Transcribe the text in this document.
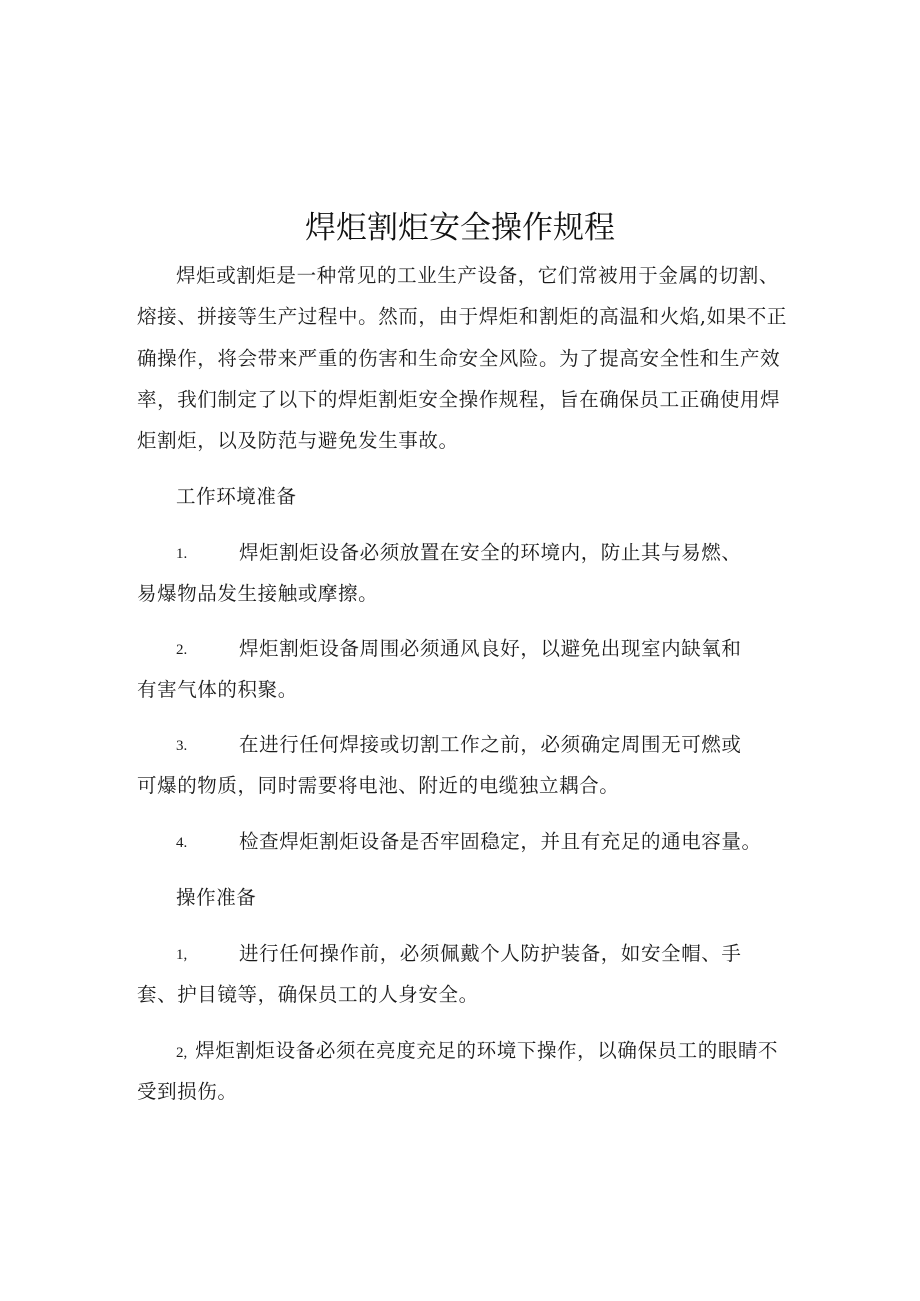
焊炬割炬安全操作规程
焊炬或割炬是一种常见的工业生产设备，它们常被用于金属的切割、
熔接、拼接等生产过程中。然而，由于焊炬和割炬的高温和火焰,如果不正
确操作，将会带来严重的伤害和生命安全风险。为了提高安全性和生产效
率，我们制定了以下的焊炬割炬安全操作规程，旨在确保员工正确使用焊
炬割炬，以及防范与避免发生事故。
工作环境准备
1.	焊炬割炬设备必须放置在安全的环境内，防止其与易燃、
易爆物品发生接触或摩擦。
2.	焊炬割炬设备周围必须通风良好，以避免出现室内缺氧和
有害气体的积聚。
3.	在进行任何焊接或切割工作之前，必须确定周围无可燃或
可爆的物质，同时需要将电池、附近的电缆独立耦合。
4.	检查焊炬割炬设备是否牢固稳定，并且有充足的通电容量。
操作准备
1,	进行任何操作前，必须佩戴个人防护装备，如安全帽、手
套、护目镜等，确保员工的人身安全。
2, 焊炬割炬设备必须在亮度充足的环境下操作，以确保员工的眼睛不
受到损伤。
